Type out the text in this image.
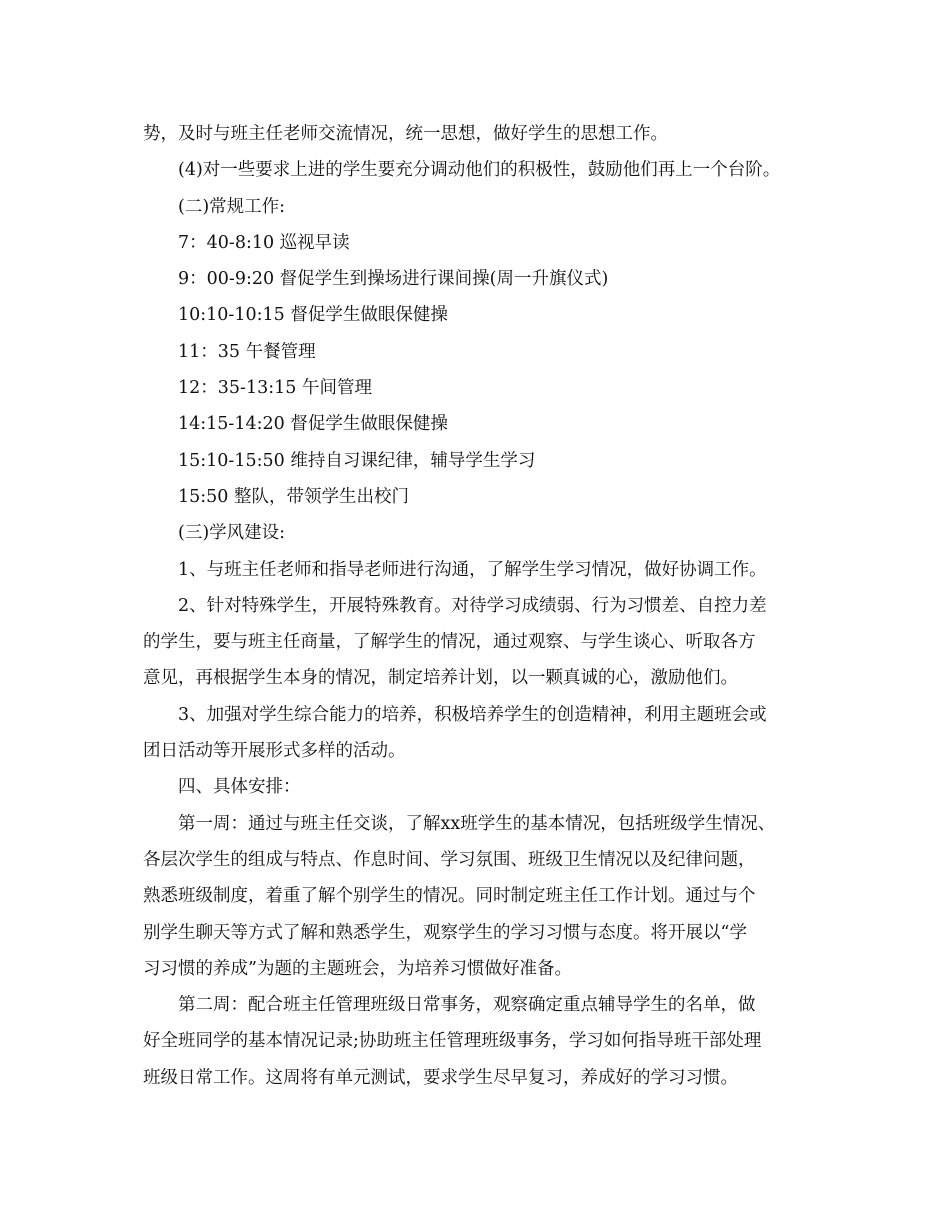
势，及时与班主任老师交流情况，统一思想，做好学生的思想工作。

(4)对一些要求上进的学生要充分调动他们的积极性，鼓励他们再上一个台阶。

(二)常规工作:

7：40-8:10 巡视早读

9：00-9:20 督促学生到操场进行课间操(周一升旗仪式)

10:10-10:15 督促学生做眼保健操

11：35 午餐管理

12：35-13:15 午间管理

14:15-14:20 督促学生做眼保健操

15:10-15:50 维持自习课纪律，辅导学生学习

15:50 整队，带领学生出校门

(三)学风建设:

1、与班主任老师和指导老师进行沟通，了解学生学习情况，做好协调工作。

2、针对特殊学生，开展特殊教育。对待学习成绩弱、行为习惯差、自控力差

的学生，要与班主任商量，了解学生的情况，通过观察、与学生谈心、听取各方

意见，再根据学生本身的情况，制定培养计划，以一颗真诚的心，激励他们。

3、加强对学生综合能力的培养，积极培养学生的创造精神，利用主题班会或

团日活动等开展形式多样的活动。

四、具体安排：

第一周：通过与班主任交谈，了解xx班学生的基本情况，包括班级学生情况、

各层次学生的组成与特点、作息时间、学习氛围、班级卫生情况以及纪律问题，

熟悉班级制度，着重了解个别学生的情况。同时制定班主任工作计划。通过与个

别学生聊天等方式了解和熟悉学生，观察学生的学习习惯与态度。将开展以“学

习习惯的养成”为题的主题班会，为培养习惯做好准备。

第二周：配合班主任管理班级日常事务，观察确定重点辅导学生的名单，做

好全班同学的基本情况记录;协助班主任管理班级事务，学习如何指导班干部处理

班级日常工作。这周将有单元测试，要求学生尽早复习，养成好的学习习惯。
